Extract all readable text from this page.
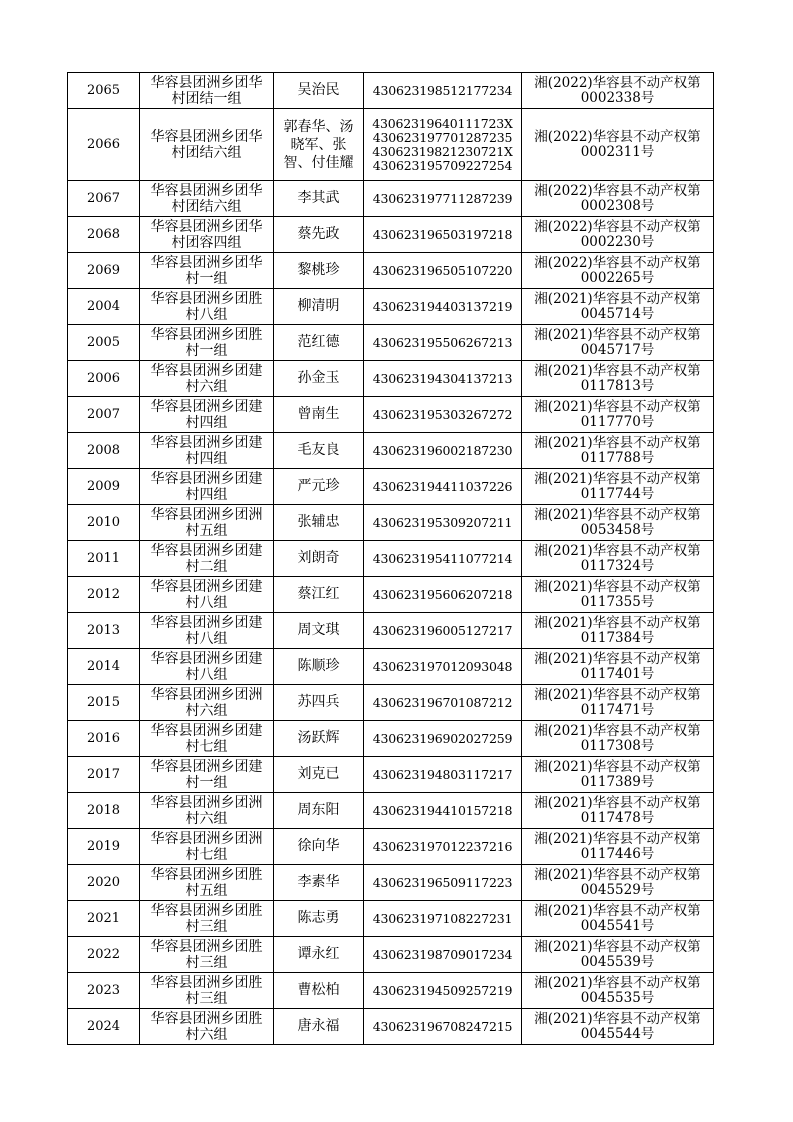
2065	华容县团洲乡团华
村团结一组	吴治民	430623198512177234	湘(2022)华容县不动产权第
0002338号

2066	华容县团洲乡团华
村团结六组	郭春华、汤晓军、张智、付佳耀	43062319640111723X
430623197701287235
43062319821230721X
430623195709227254	湘(2022)华容县不动产权第
0002311号

2067	华容县团洲乡团华
村团结六组	李其武	430623197711287239	湘(2022)华容县不动产权第
0002308号

2068	华容县团洲乡团华
村团容四组	蔡先政	430623196503197218	湘(2022)华容县不动产权第
0002230号

2069	华容县团洲乡团华
村一组	黎桃珍	430623196505107220	湘(2022)华容县不动产权第
0002265号

2004	华容县团洲乡团胜
村八组	柳清明	430623194403137219	湘(2021)华容县不动产权第
0045714号

2005	华容县团洲乡团胜
村一组	范红德	430623195506267213	湘(2021)华容县不动产权第
0045717号

2006	华容县团洲乡团建
村六组	孙金玉	430623194304137213	湘(2021)华容县不动产权第
0117813号

2007	华容县团洲乡团建
村四组	曾南生	430623195303267272	湘(2021)华容县不动产权第
0117770号

2008	华容县团洲乡团建
村四组	毛友良	430623196002187230	湘(2021)华容县不动产权第
0117788号

2009	华容县团洲乡团建
村四组	严元珍	430623194411037226	湘(2021)华容县不动产权第
0117744号

2010	华容县团洲乡团洲
村五组	张辅忠	430623195309207211	湘(2021)华容县不动产权第
0053458号

2011	华容县团洲乡团建
村二组	刘朗奇	430623195411077214	湘(2021)华容县不动产权第
0117324号

2012	华容县团洲乡团建
村八组	蔡江红	430623195606207218	湘(2021)华容县不动产权第
0117355号

2013	华容县团洲乡团建
村八组	周文琪	430623196005127217	湘(2021)华容县不动产权第
0117384号

2014	华容县团洲乡团建
村八组	陈顺珍	430623197012093048	湘(2021)华容县不动产权第
0117401号

2015	华容县团洲乡团洲
村六组	苏四兵	430623196701087212	湘(2021)华容县不动产权第
0117471号

2016	华容县团洲乡团建
村七组	汤跃辉	430623196902027259	湘(2021)华容县不动产权第
0117308号

2017	华容县团洲乡团建
村一组	刘克已	430623194803117217	湘(2021)华容县不动产权第
0117389号

2018	华容县团洲乡团洲
村六组	周东阳	430623194410157218	湘(2021)华容县不动产权第
0117478号

2019	华容县团洲乡团洲
村七组	徐向华	430623197012237216	湘(2021)华容县不动产权第
0117446号

2020	华容县团洲乡团胜
村五组	李素华	430623196509117223	湘(2021)华容县不动产权第
0045529号

2021	华容县团洲乡团胜
村三组	陈志勇	430623197108227231	湘(2021)华容县不动产权第
0045541号

2022	华容县团洲乡团胜
村三组	谭永红	430623198709017234	湘(2021)华容县不动产权第
0045539号

2023	华容县团洲乡团胜
村三组	曹松柏	430623194509257219	湘(2021)华容县不动产权第
0045535号

2024	华容县团洲乡团胜
村六组	唐永福	430623196708247215	湘(2021)华容县不动产权第
0045544号
